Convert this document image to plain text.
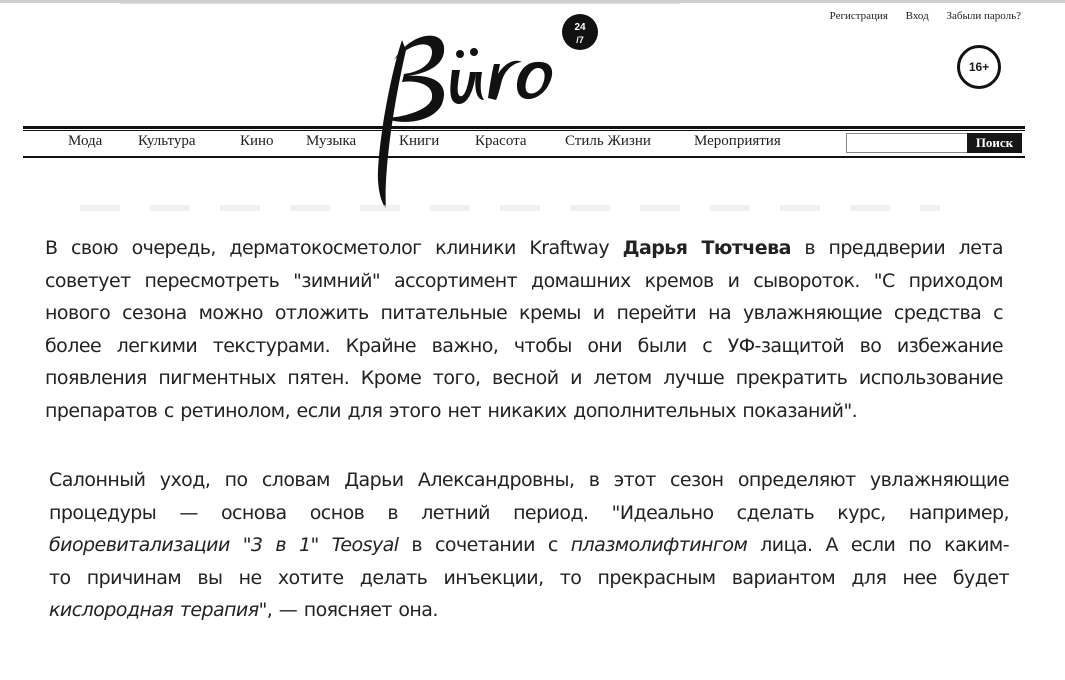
Регистрация Вход Забыли пароль?
16+
24
/7
Мода Культура	Кино Музыка	Книги Красота	Стиль Жизни	Мероприятия	Поиск
В свою очередь, дерматокосметолог клиники Kraftway Дарья Тютчева в преддверии лета
советует пересмотреть "зимний" ассортимент домашних кремов и сывороток. "С приходом
нового сезона можно отложить питательные кремы и перейти на увлажняющие средства с
более легкими текстурами. Крайне важно, чтобы они были с УФ-защитой во избежание
появления пигментных пятен. Кроме того, весной и летом лучше прекратить использование
препаратов с ретинолом, если для этого нет никаких дополнительных показаний".
Салонный уход, по словам Дарьи Александровны, в этот сезон определяют увлажняющие
процедуры — основа основ в летний период. "Идеально сделать курс, например,
биоревитализации "3 в 1" Teosyal в сочетании с плазмолифтингом лица. А если по каким-
то причинам вы не хотите делать инъекции, то прекрасным вариантом для нее будет
кислородная терапия", — поясняет она.
